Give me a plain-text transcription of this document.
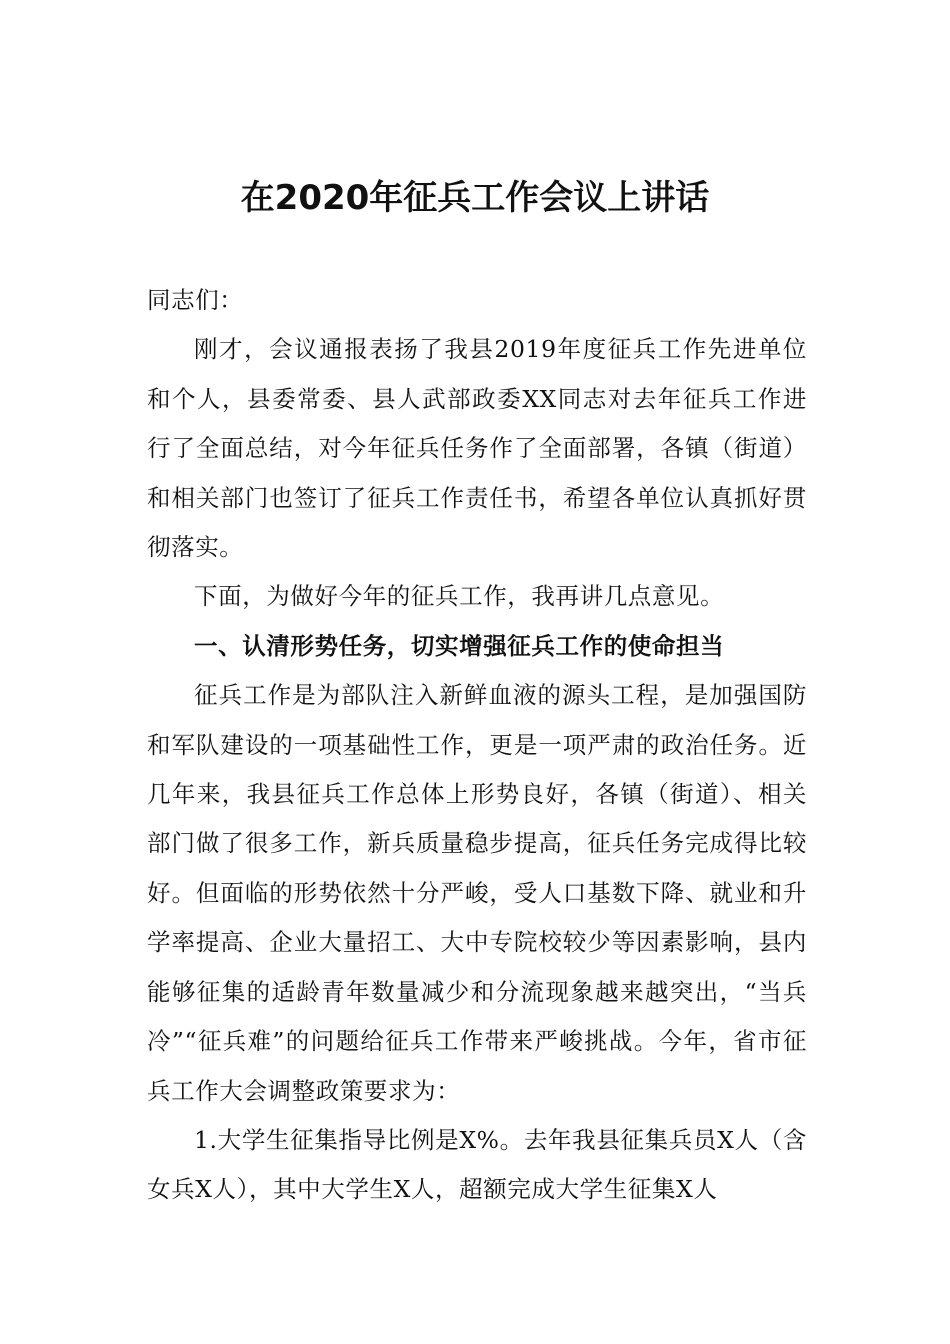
在2020年征兵工作会议上讲话

同志们：

刚才，会议通报表扬了我县2019年度征兵工作先进单位和个人，县委常委、县人武部政委XX同志对去年征兵工作进行了全面总结，对今年征兵任务作了全面部署，各镇（街道）和相关部门也签订了征兵工作责任书，希望各单位认真抓好贯彻落实。

下面，为做好今年的征兵工作，我再讲几点意见。

一、认清形势任务，切实增强征兵工作的使命担当

征兵工作是为部队注入新鲜血液的源头工程，是加强国防和军队建设的一项基础性工作，更是一项严肃的政治任务。近几年来，我县征兵工作总体上形势良好，各镇（街道）、相关部门做了很多工作，新兵质量稳步提高，征兵任务完成得比较好。但面临的形势依然十分严峻，受人口基数下降、就业和升学率提高、企业大量招工、大中专院校较少等因素影响，县内能够征集的适龄青年数量减少和分流现象越来越突出，“当兵冷”“征兵难”的问题给征兵工作带来严峻挑战。今年，省市征兵工作大会调整政策要求为：

1.大学生征集指导比例是X%。去年我县征集兵员X人（含女兵X人），其中大学生X人，超额完成大学生征集X人
